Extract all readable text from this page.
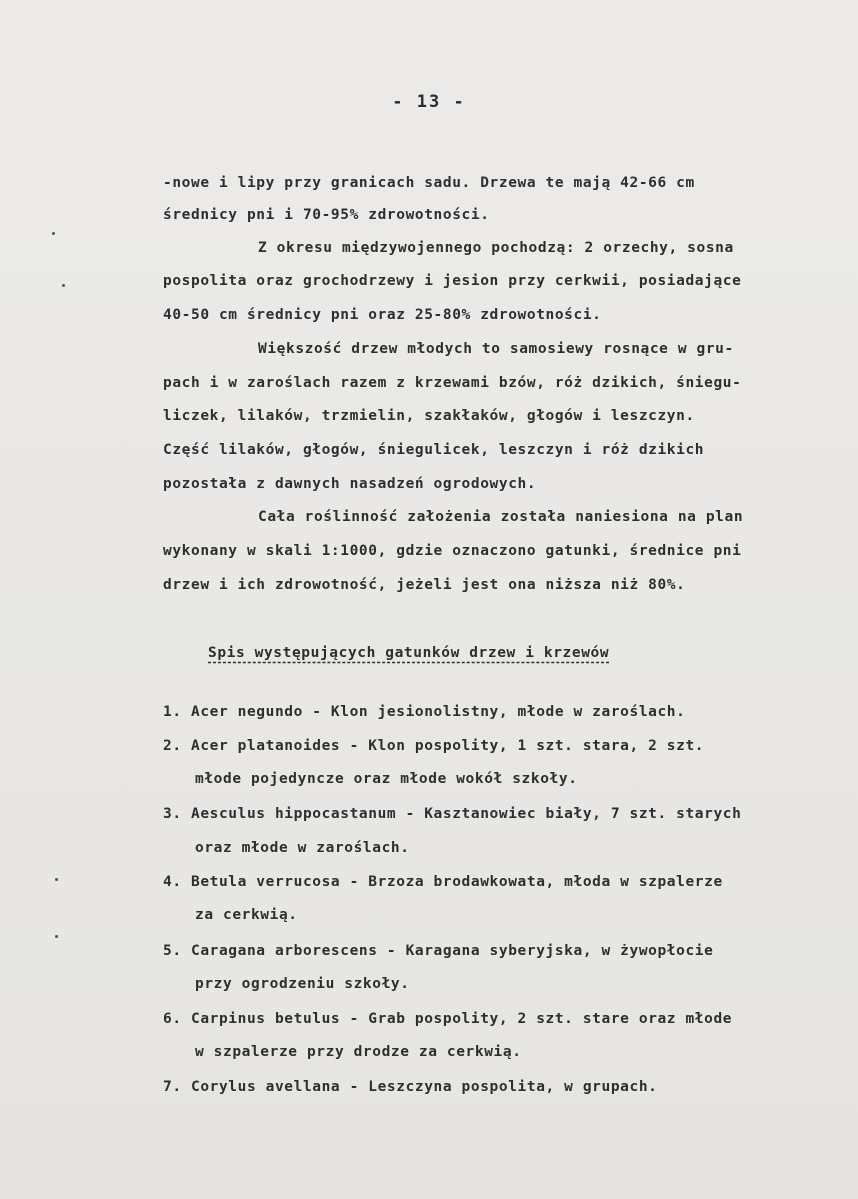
- 13 -
-nowe i lipy przy granicach sadu. Drzewa te mają 42-66 cm
średnicy pni i 70-95% zdrowotności.
Z okresu międzywojennego pochodzą: 2 orzechy, sosna
pospolita oraz grochodrzewy i jesion przy cerkwii, posiadające
40-50 cm średnicy pni oraz 25-80% zdrowotności.
Większość drzew młodych to samosiewy rosnące w gru-
pach i w zaroślach razem z krzewami bzów, róż dzikich, śniegu-
liczek, lilaków, trzmielin, szakłaków, głogów i leszczyn.
Część lilaków, głogów, śniegulicek, leszczyn i róż dzikich
pozostała z dawnych nasadzeń ogrodowych.
Cała roślinność założenia została naniesiona na plan
wykonany w skali 1:1000, gdzie oznaczono gatunki, średnice pni
drzew i ich zdrowotność, jeżeli jest ona niższa niż 80%.
Spis występujących gatunków drzew i krzewów
1. Acer negundo - Klon jesionolistny, młode w zaroślach.
2. Acer platanoides - Klon pospolity, 1 szt. stara, 2 szt.
młode pojedyncze oraz młode wokół szkoły.
3. Aesculus hippocastanum - Kasztanowiec biały, 7 szt. starych
oraz młode w zaroślach.
4. Betula verrucosa - Brzoza brodawkowata, młoda w szpalerze
za cerkwią.
5. Caragana arborescens - Karagana syberyjska, w żywopłocie
przy ogrodzeniu szkoły.
6. Carpinus betulus - Grab pospolity, 2 szt. stare oraz młode
w szpalerze przy drodze za cerkwią.
7. Corylus avellana - Leszczyna pospolita, w grupach.
